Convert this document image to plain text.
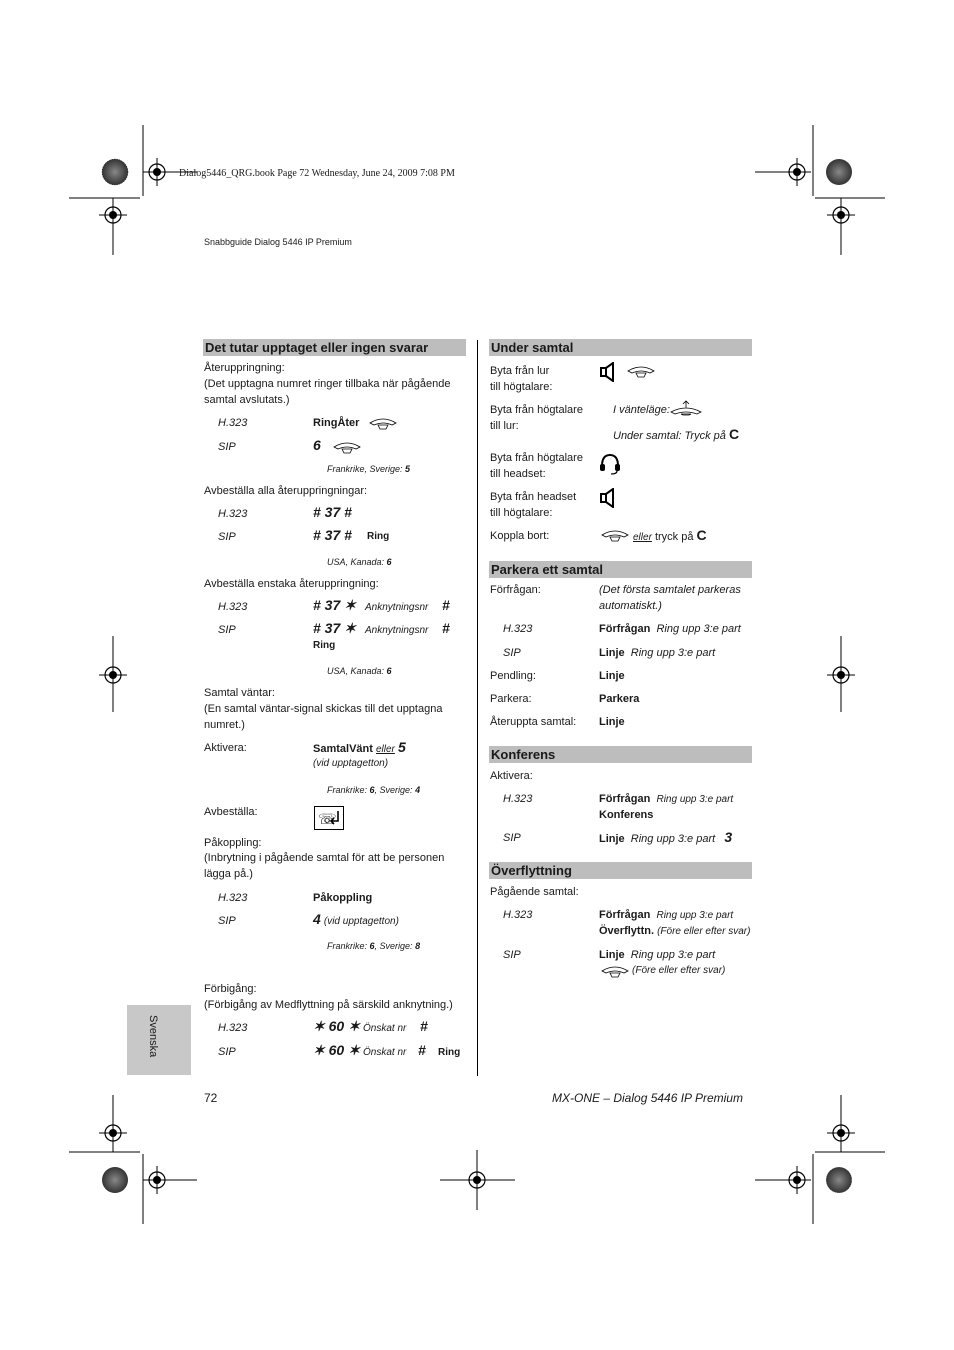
Dialog5446_QRG.book Page 72 Wednesday, June 24, 2009 7:08 PM
Snabbguide Dialog 5446 IP Premium
Svenska
Det tutar upptaget eller ingen svarar
Återuppringning:
(Det upptagna numret ringer tillbaka när pågående
samtal avslutats.)
H.323	RingÅter
SIP	6
Frankrike, Sverige: 5
Avbeställa alla återuppringningar:
H.323	# 37 #
SIP	# 37 # Ring
USA, Kanada: 6
Avbeställa enstaka återuppringning:
H.323	# 37 ✶ Anknytningsnr #
SIP	# 37 ✶ Anknytningsnr #
Ring
USA, Kanada: 6
Samtal väntar:
(En samtal väntar-signal skickas till det upptagna
numret.)
Aktivera:	SamtalVänt eller 5
(vid upptagetton)
Frankrike: 6, Sverige: 4
Avbeställa:	☏
Påkoppling:
(Inbrytning i pågående samtal för att be personen
lägga på.)
H.323	Påkoppling
SIP	4 (vid upptagetton)
Frankrike: 6, Sverige: 8
Förbigång:
(Förbigång av Medflyttning på särskild anknytning.)
H.323	✶ 60 ✶ Önskat nr #
SIP	✶ 60 ✶ Önskat nr # Ring
Under samtal
Byta från lur
till högtalare:
Byta från högtalare
till lur:
I vänteläge:
Under samtal: Tryck på C
Byta från högtalare
till headset:
Byta från headset
till högtalare:
Koppla bort:	eller tryck på C
Parkera ett samtal
Förfrågan:	(Det första samtalet parkeras
automatiskt.)
H.323	Förfrågan Ring upp 3:e part
SIP	Linje Ring upp 3:e part
Pendling:	Linje
Parkera:	Parkera
Återuppta samtal: Linje
Konferens
Aktivera:
H.323	Förfrågan Ring upp 3:e part
Konferens
SIP	Linje Ring upp 3:e part 3
Överflyttning
Pågående samtal:
H.323	Förfrågan Ring upp 3:e part
Överflyttn. (Före eller efter svar)
SIP	Linje Ring upp 3:e part
(Före eller efter svar)
72	MX-ONE – Dialog 5446 IP Premium
